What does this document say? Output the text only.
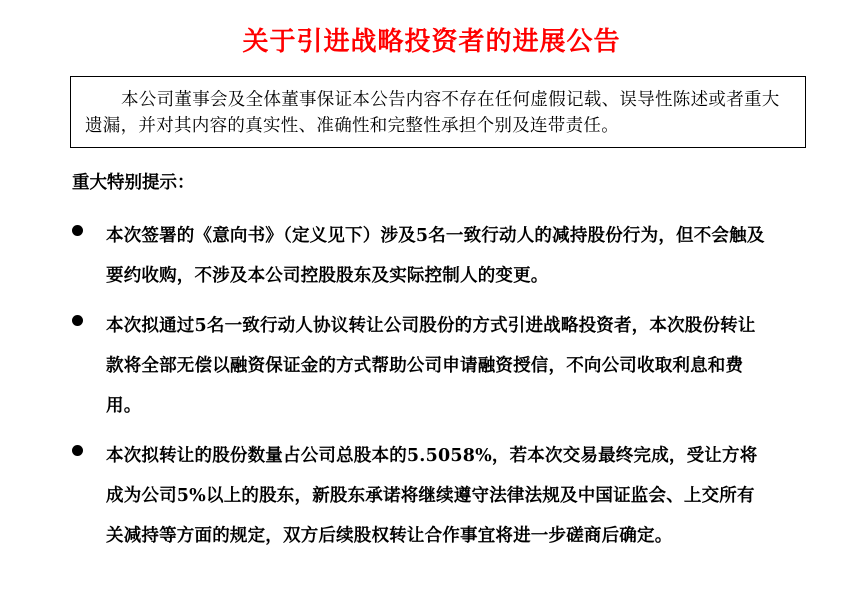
关于引进战略投资者的进展公告
本公司董事会及全体董事保证本公告内容不存在任何虚假记载、误导性陈述或者重大遗漏，并对其内容的真实性、准确性和完整性承担个别及连带责任。
重大特别提示：
本次签署的《意向书》（定义见下）涉及5名一致行动人的减持股份行为，但不会触及要约收购，不涉及本公司控股股东及实际控制人的变更。
本次拟通过5名一致行动人协议转让公司股份的方式引进战略投资者，本次股份转让款将全部无偿以融资保证金的方式帮助公司申请融资授信，不向公司收取利息和费用。
本次拟转让的股份数量占公司总股本的5.5058%，若本次交易最终完成，受让方将成为公司5%以上的股东，新股东承诺将继续遵守法律法规及中国证监会、上交所有关减持等方面的规定，双方后续股权转让合作事宜将进一步磋商后确定。
